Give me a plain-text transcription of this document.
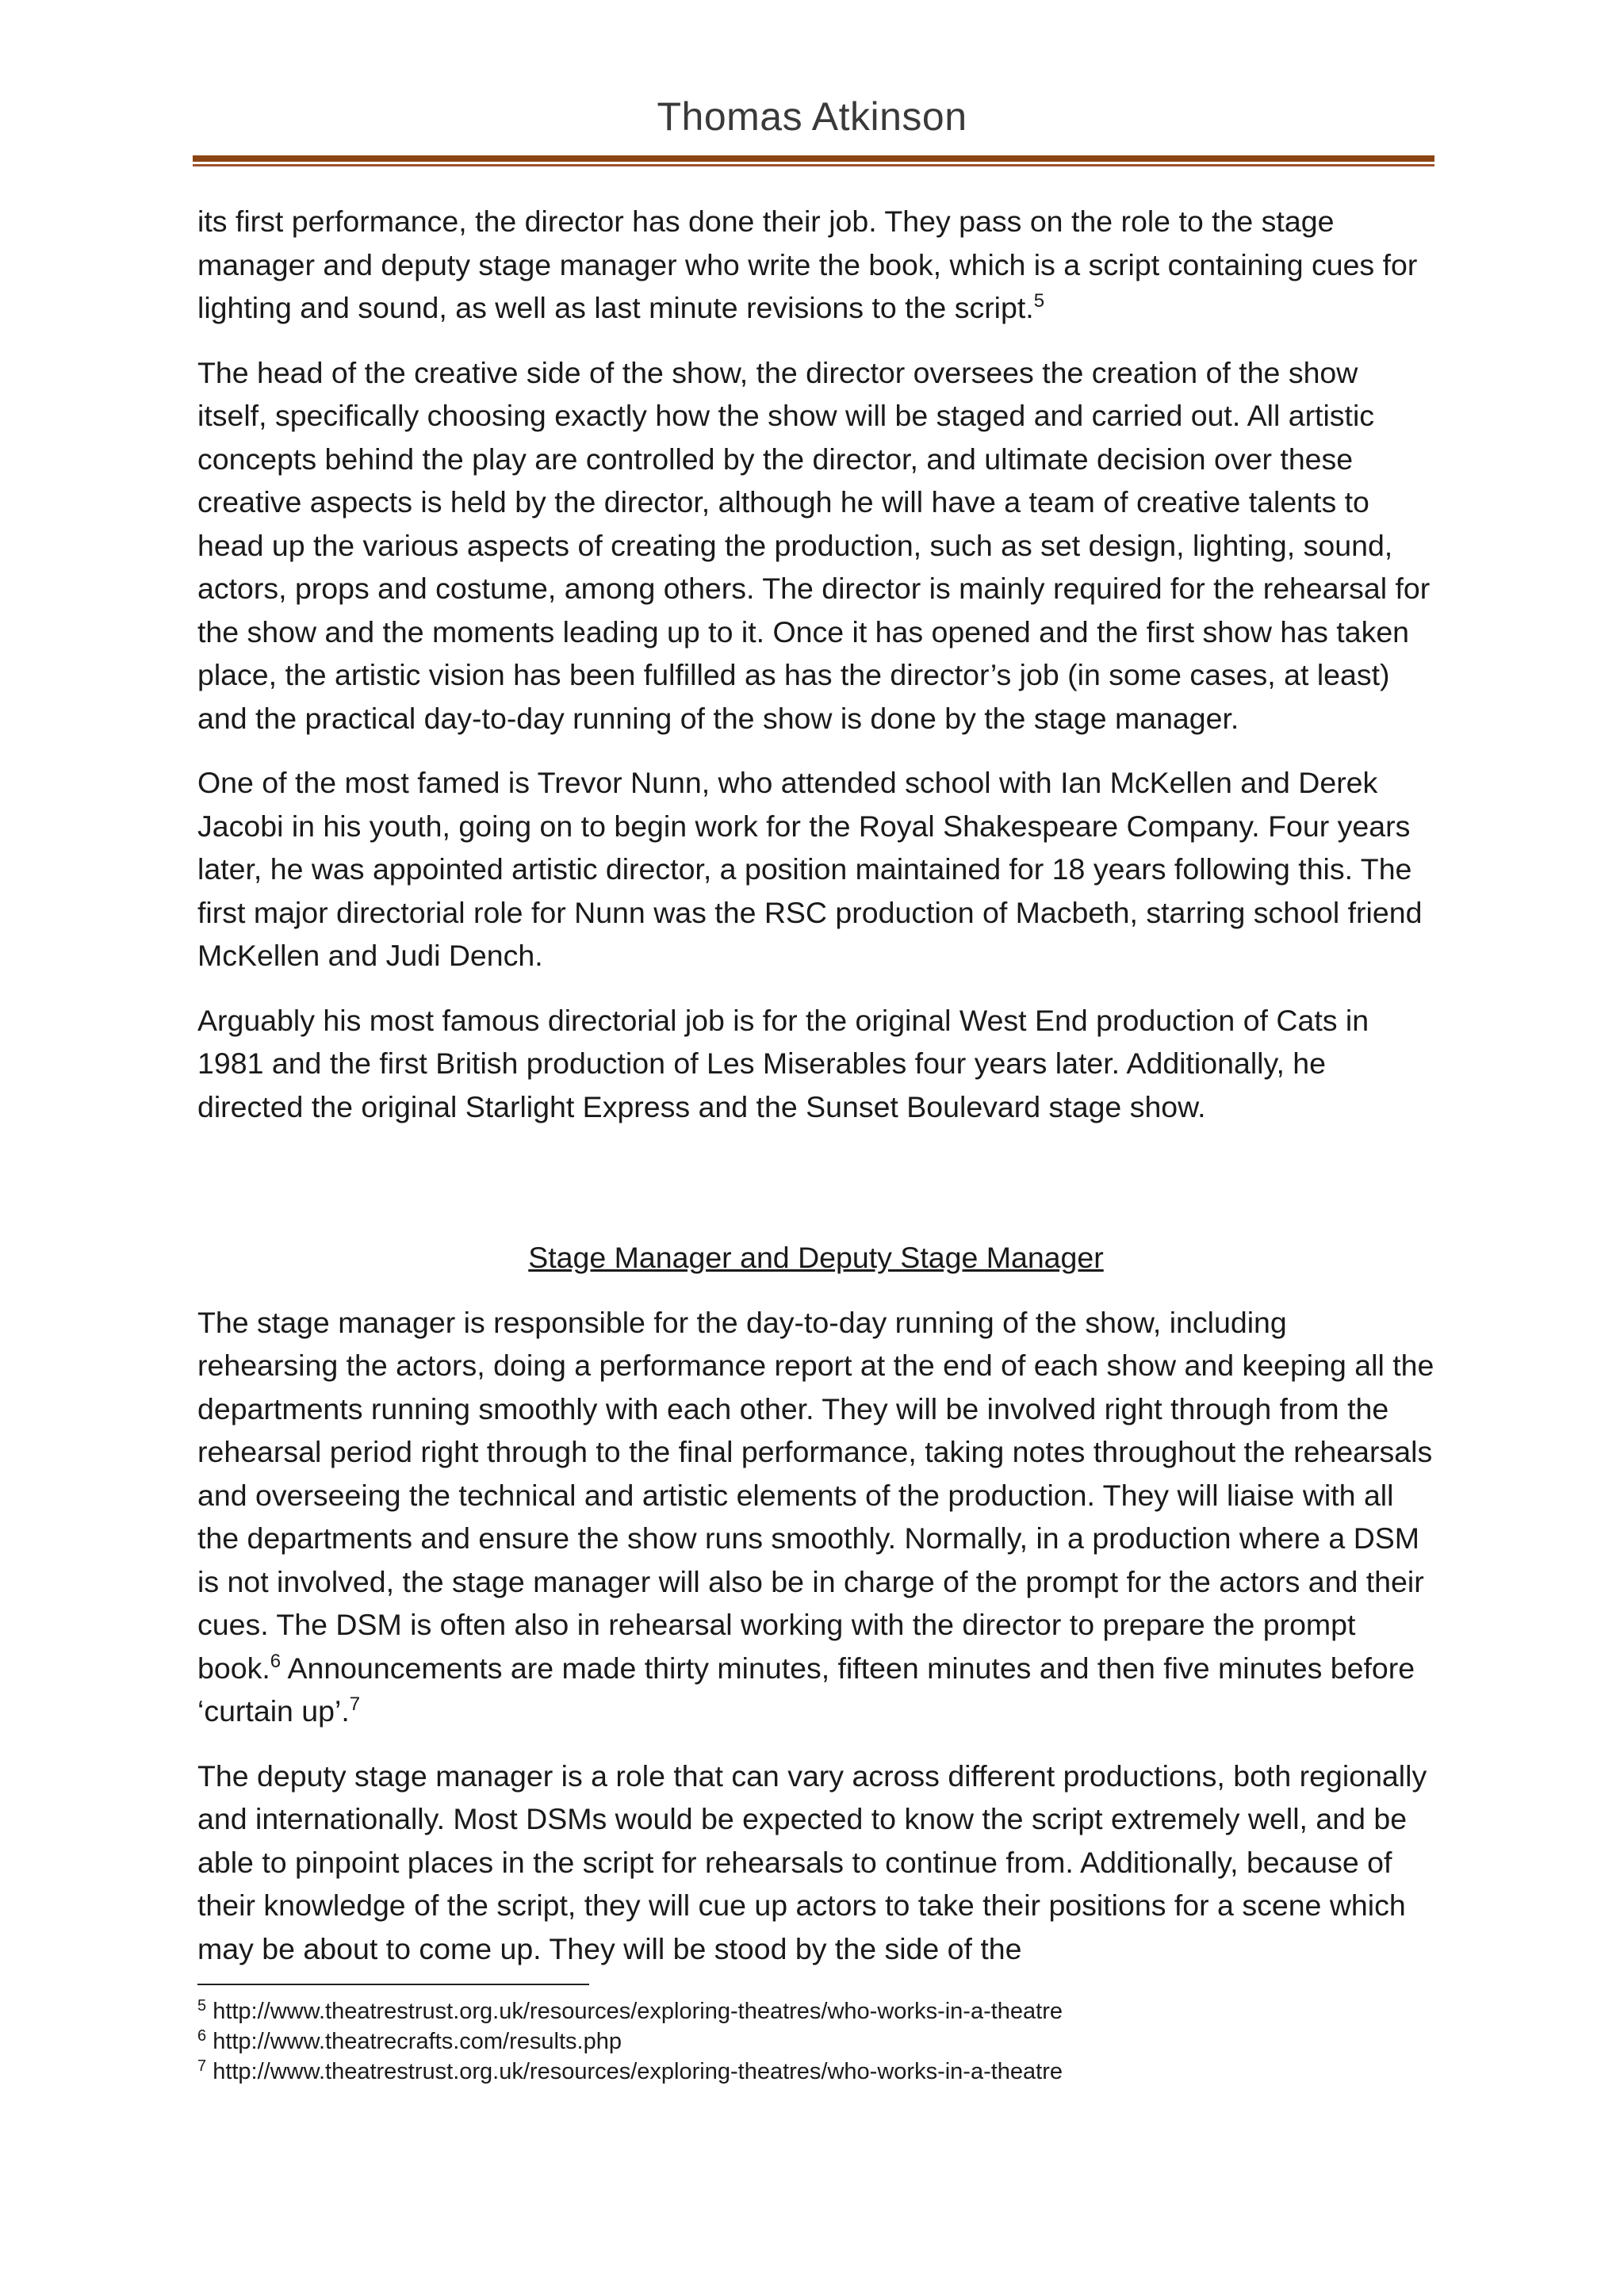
Thomas Atkinson

its first performance, the director has done their job. They pass on the role to the stage manager and deputy stage manager who write the book, which is a script containing cues for lighting and sound, as well as last minute revisions to the script.$^5$

The head of the creative side of the show, the director oversees the creation of the show itself, specifically choosing exactly how the show will be staged and carried out. All artistic concepts behind the play are controlled by the director, and ultimate decision over these creative aspects is held by the director, although he will have a team of creative talents to head up the various aspects of creating the production, such as set design, lighting, sound, actors, props and costume, among others. The director is mainly required for the rehearsal for the show and the moments leading up to it. Once it has opened and the first show has taken place, the artistic vision has been fulfilled as has the director’s job (in some cases, at least) and the practical day-to-day running of the show is done by the stage manager.

One of the most famed is Trevor Nunn, who attended school with Ian McKellen and Derek Jacobi in his youth, going on to begin work for the Royal Shakespeare Company. Four years later, he was appointed artistic director, a position maintained for 18 years following this. The first major directorial role for Nunn was the RSC production of Macbeth, starring school friend McKellen and Judi Dench.

Arguably his most famous directorial job is for the original West End production of Cats in 1981 and the first British production of Les Miserables four years later. Additionally, he directed the original Starlight Express and the Sunset Boulevard stage show.

Stage Manager and Deputy Stage Manager

The stage manager is responsible for the day-to-day running of the show, including rehearsing the actors, doing a performance report at the end of each show and keeping all the departments running smoothly with each other. They will be involved right through from the rehearsal period right through to the final performance, taking notes throughout the rehearsals and overseeing the technical and artistic elements of the production. They will liaise with all the departments and ensure the show runs smoothly. Normally, in a production where a DSM is not involved, the stage manager will also be in charge of the prompt for the actors and their cues. The DSM is often also in rehearsal working with the director to prepare the prompt book.$^6$ Announcements are made thirty minutes, fifteen minutes and then five minutes before ‘curtain up’.$^7$

The deputy stage manager is a role that can vary across different productions, both regionally and internationally. Most DSMs would be expected to know the script extremely well, and be able to pinpoint places in the script for rehearsals to continue from. Additionally, because of their knowledge of the script, they will cue up actors to take their positions for a scene which may be about to come up. They will be stood by the side of the

$^5$ http://www.theatrestrust.org.uk/resources/exploring-theatres/who-works-in-a-theatre
$^6$ http://www.theatrecrafts.com/results.php
$^7$ http://www.theatrestrust.org.uk/resources/exploring-theatres/who-works-in-a-theatre
